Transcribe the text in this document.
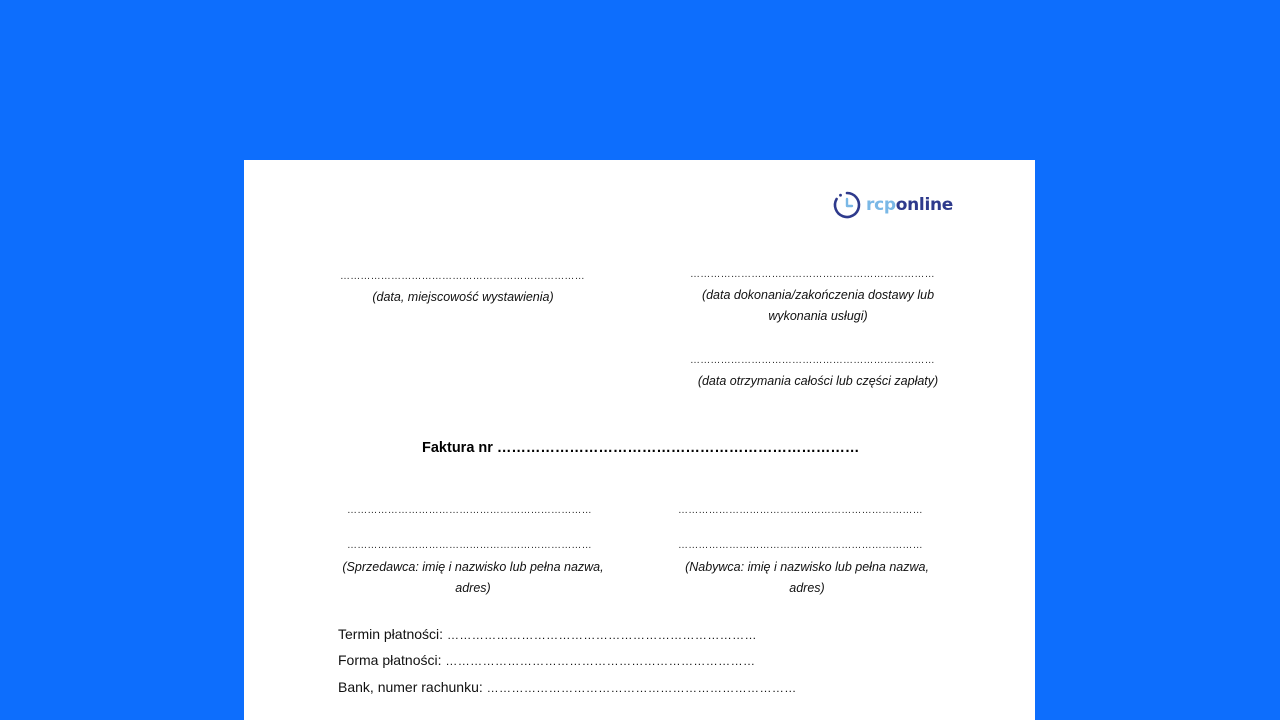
rcponline
………………………………………………………………
(data, miejscowość wystawienia)
………………………………………………………………
(data dokonania/zakończenia dostawy lub wykonania usługi)
………………………………………………………………
(data otrzymania całości lub części zapłaty)
Faktura nr …………………………………………………………………
………………………………………………………………
………………………………………………………………
(Sprzedawca: imię i nazwisko lub pełna nazwa, adres)
………………………………………………………………
………………………………………………………………
(Nabywca: imię i nazwisko lub pełna nazwa, adres)
Termin płatności: …………………………………………………………………
Forma płatności: …………………………………………………………………
Bank, numer rachunku: …………………………………………………………………
